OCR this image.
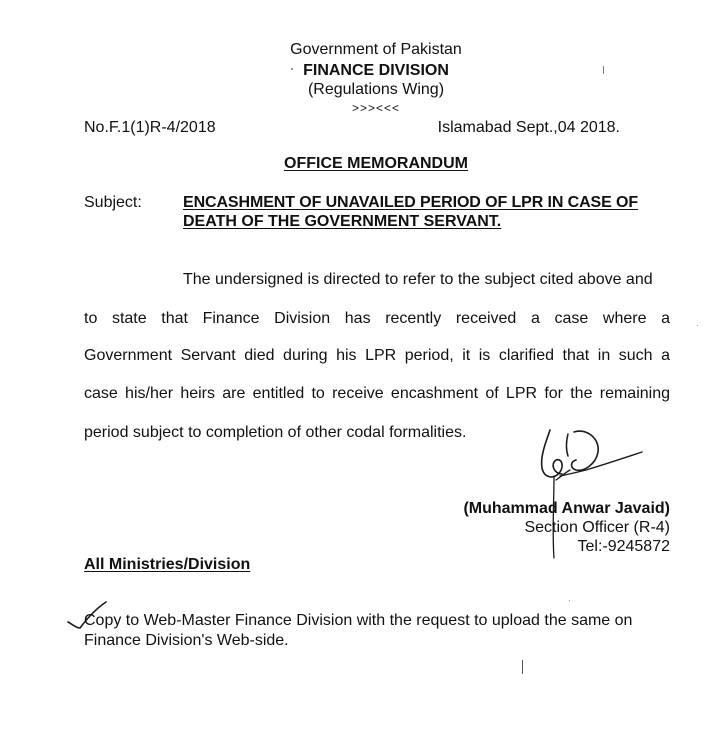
Government of Pakistan
FINANCE DIVISION
(Regulations Wing)
>>><<<
No.F.1(1)R-4/2018	Islamabad Sept.,04 2018.
OFFICE MEMORANDUM
Subject:	ENCASHMENT OF UNAVAILED PERIOD OF LPR IN CASE OF
DEATH OF THE GOVERNMENT SERVANT.
The undersigned is directed to refer to the subject cited above and
to state that Finance Division has recently received a case where a
Government Servant died during his LPR period, it is clarified that in such a
case his/her heirs are entitled to receive encashment of LPR for the remaining
period subject to completion of other codal formalities.
(Muhammad Anwar Javaid)
Section Officer (R-4)
Tel:-9245872
All Ministries/Division
Copy to Web-Master Finance Division with the request to upload the same on
Finance Division's Web-side.
